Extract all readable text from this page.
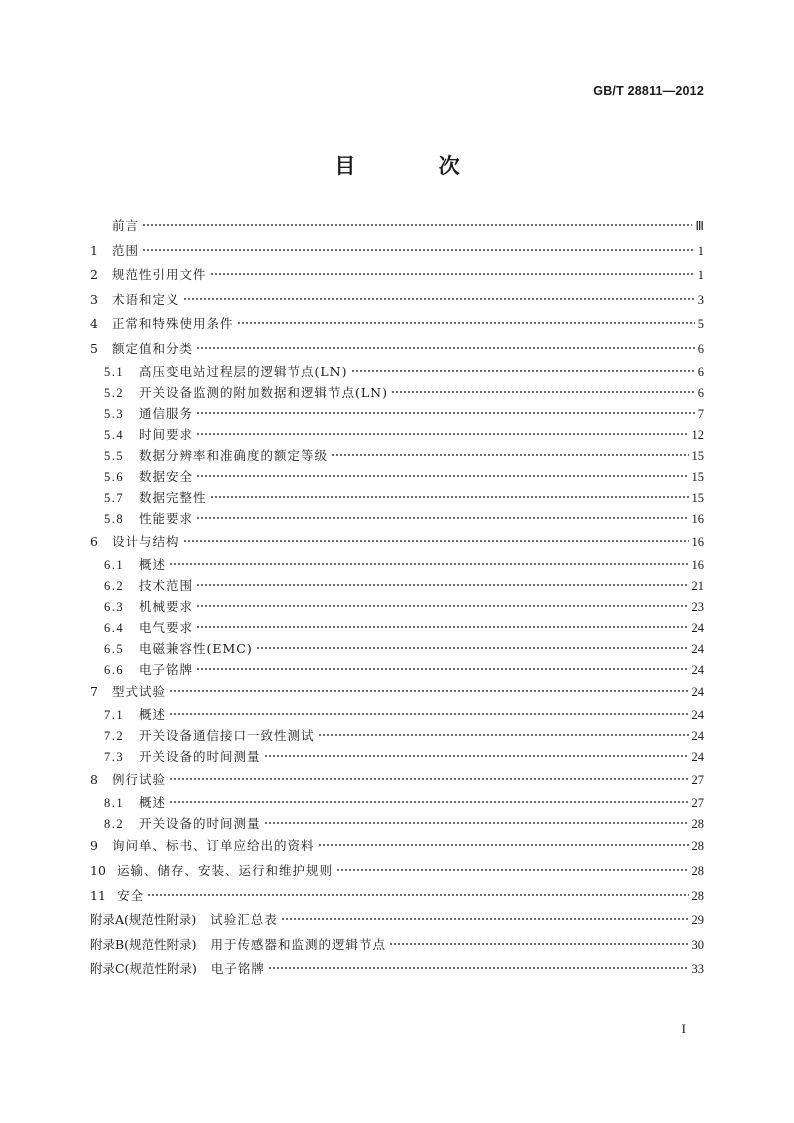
GB/T 28811—2012
目 次
前言	Ⅲ
1	范围	1
2	规范性引用文件	1
3	术语和定义	3
4	正常和特殊使用条件	5
5	额定值和分类	6
5.1	高压变电站过程层的逻辑节点(LN)	6
5.2	开关设备监测的附加数据和逻辑节点(LN)	6
5.3	通信服务	7
5.4	时间要求	12
5.5	数据分辨率和准确度的额定等级	15
5.6	数据安全	15
5.7	数据完整性	15
5.8	性能要求	16
6	设计与结构	16
6.1	概述	16
6.2	技术范围	21
6.3	机械要求	23
6.4	电气要求	24
6.5	电磁兼容性(EMC)	24
6.6	电子铭牌	24
7	型式试验	24
7.1	概述	24
7.2	开关设备通信接口一致性测试	24
7.3	开关设备的时间测量	24
8	例行试验	27
8.1	概述	27
8.2	开关设备的时间测量	28
9	询问单、标书、订单应给出的资料	28
10 运输、储存、安装、运行和维护规则	28
11 安全	28
附录A(规范性附录) 试验汇总表	29
附录B(规范性附录) 用于传感器和监测的逻辑节点	30
附录C(规范性附录) 电子铭牌	33
I
